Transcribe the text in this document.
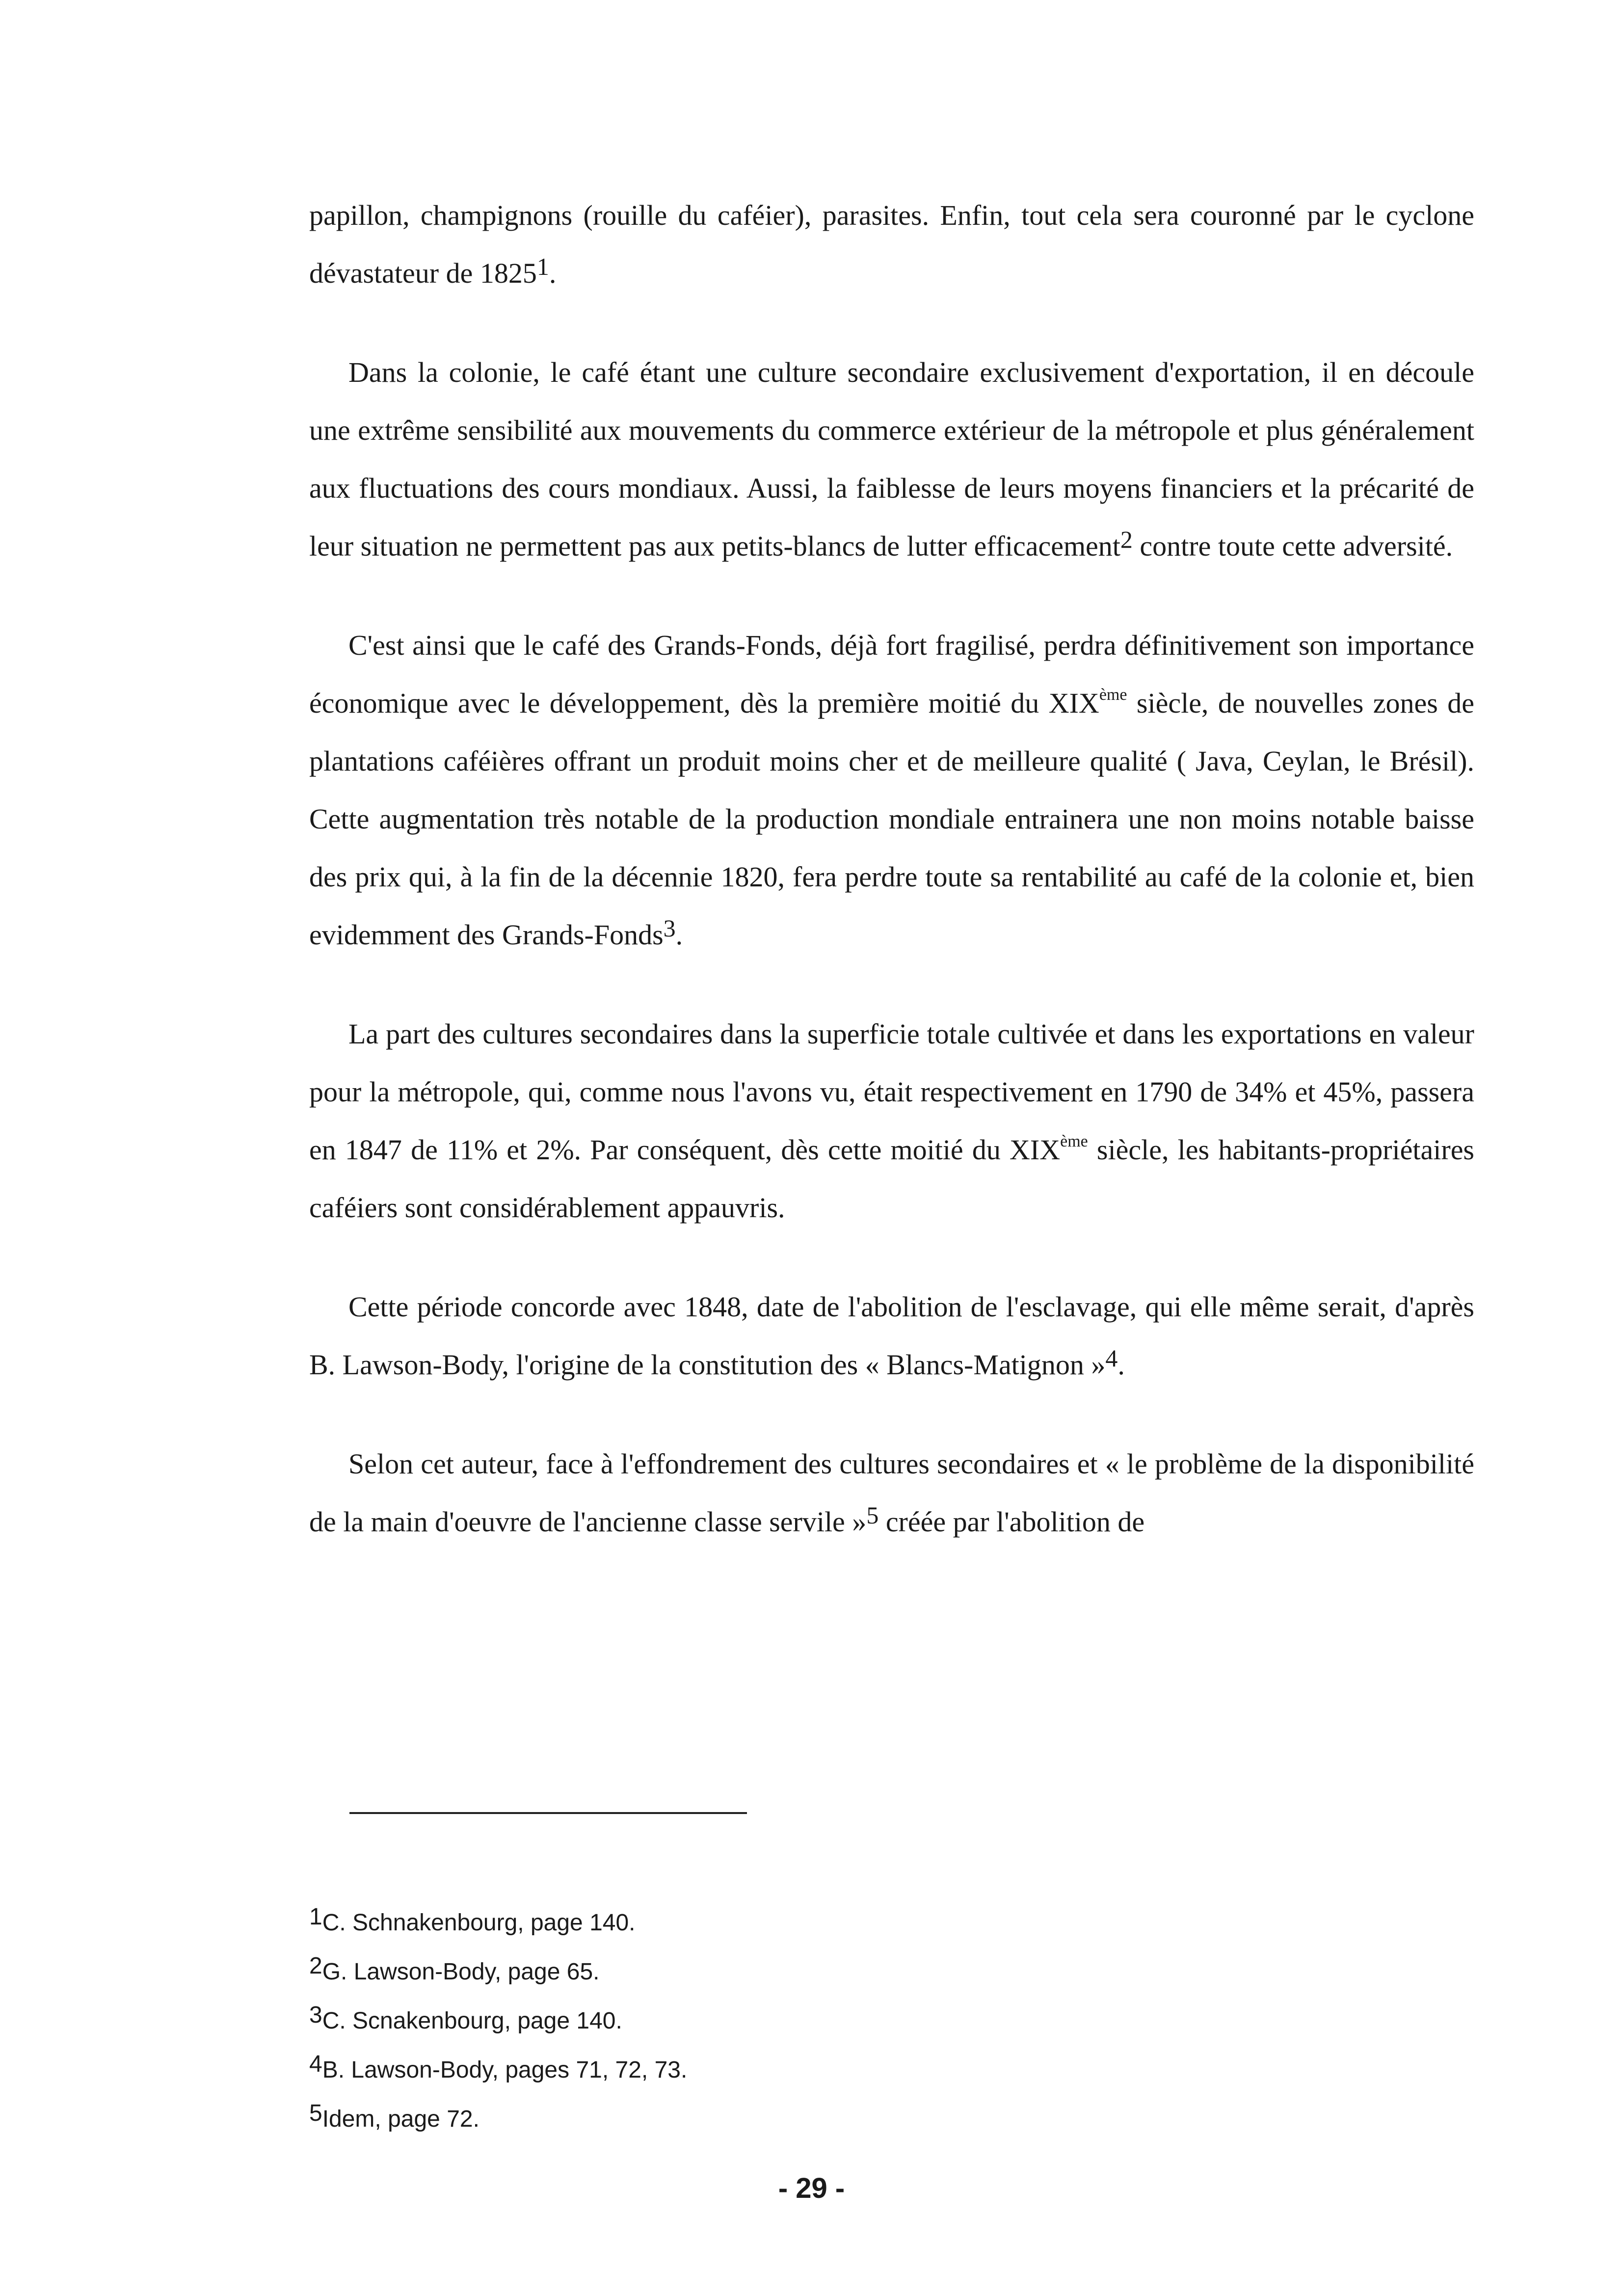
papillon, champignons (rouille du caféier), parasites. Enfin, tout cela sera couronné par le cyclone dévastateur de 18251.

Dans la colonie, le café étant une culture secondaire exclusivement d'exportation, il en découle une extrême sensibilité aux mouvements du commerce extérieur de la métropole et plus généralement aux fluctuations des cours mondiaux. Aussi, la faiblesse de leurs moyens financiers et la précarité de leur situation ne permettent pas aux petits-blancs de lutter efficacement2 contre toute cette adversité.

C'est ainsi que le café des Grands-Fonds, déjà fort fragilisé, perdra définitivement son importance économique avec le développement, dès la première moitié du XIXème siècle, de nouvelles zones de plantations caféières offrant un produit moins cher et de meilleure qualité ( Java, Ceylan, le Brésil). Cette augmentation très notable de la production mondiale entrainera une non moins notable baisse des prix qui, à la fin de la décennie 1820, fera perdre toute sa rentabilité au café de la colonie et, bien evidemment des Grands-Fonds3.

La part des cultures secondaires dans la superficie totale cultivée et dans les exportations en valeur pour la métropole, qui, comme nous l'avons vu, était respectivement en 1790 de 34% et 45%, passera en 1847 de 11% et 2%. Par conséquent, dès cette moitié du XIXème siècle, les habitants-propriétaires caféiers sont considérablement appauvris.

Cette période concorde avec 1848, date de l'abolition de l'esclavage, qui elle même serait, d'après B. Lawson-Body, l'origine de la constitution des « Blancs-Matignon »4.

Selon cet auteur, face à l'effondrement des cultures secondaires et « le problème de la disponibilité de la main d'oeuvre de l'ancienne classe servile »5 créée par l'abolition de

1C. Schnakenbourg, page 140.

2G. Lawson-Body, page 65.

3C. Scnakenbourg, page 140.

4B. Lawson-Body, pages 71, 72, 73.

5Idem, page 72.

- 29 -
